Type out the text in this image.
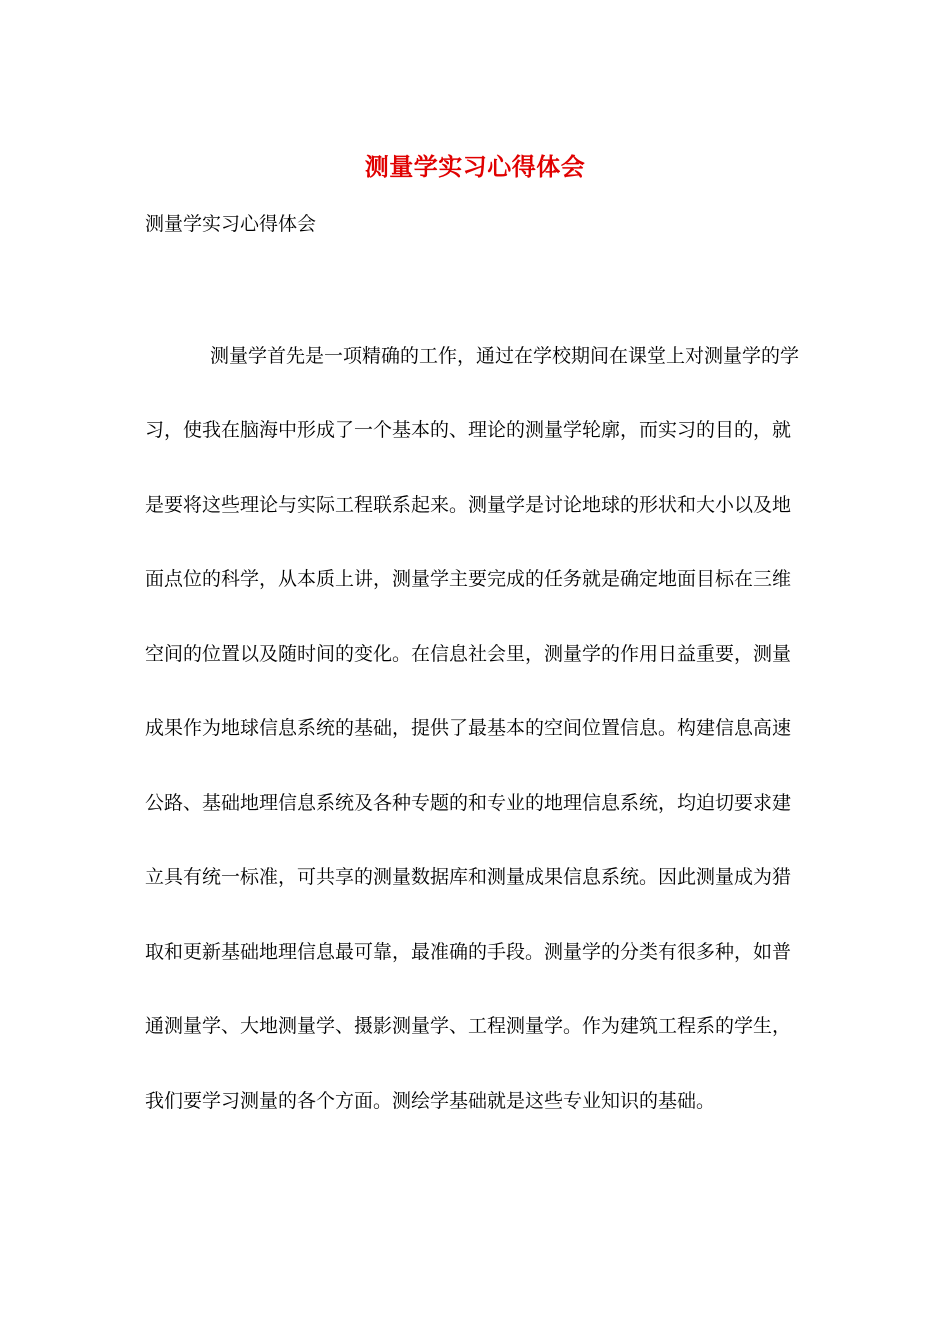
测量学实习心得体会
测量学实习心得体会
测量学首先是一项精确的工作，通过在学校期间在课堂上对测量学的学
习，使我在脑海中形成了一个基本的、理论的测量学轮廓，而实习的目的，就
是要将这些理论与实际工程联系起来。测量学是讨论地球的形状和大小以及地
面点位的科学，从本质上讲，测量学主要完成的任务就是确定地面目标在三维
空间的位置以及随时间的变化。在信息社会里，测量学的作用日益重要，测量
成果作为地球信息系统的基础，提供了最基本的空间位置信息。构建信息高速
公路、基础地理信息系统及各种专题的和专业的地理信息系统，均迫切要求建
立具有统一标准，可共享的测量数据库和测量成果信息系统。因此测量成为猎
取和更新基础地理信息最可靠，最准确的手段。测量学的分类有很多种，如普
通测量学、大地测量学、摄影测量学、工程测量学。作为建筑工程系的学生，
我们要学习测量的各个方面。测绘学基础就是这些专业知识的基础。
